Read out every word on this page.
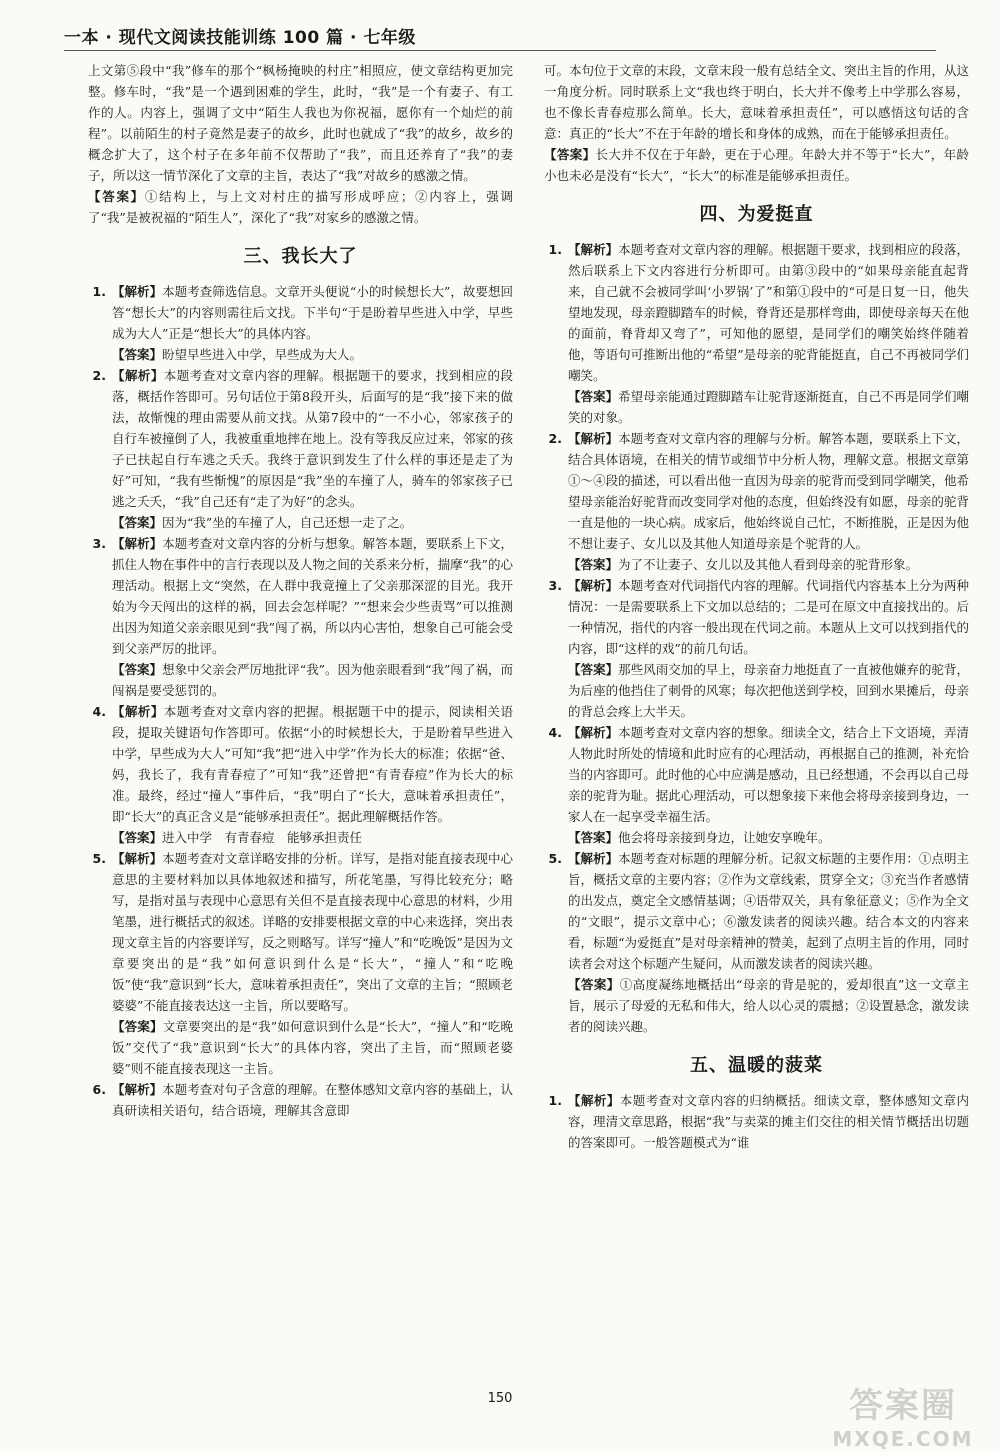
一本 · 现代文阅读技能训练 100 篇 · 七年级

上文第⑤段中“我”修车的那个“枫杨掩映的村庄”相照应，使文章结构更加完整。修车时，“我”是一个遇到困难的学生，此时，“我”是一个有妻子、有工作的人。内容上，强调了文中“陌生人我也为你祝福，愿你有一个灿烂的前程”。以前陌生的村子竟然是妻子的故乡，此时也就成了“我”的故乡，故乡的概念扩大了，这个村子在多年前不仅帮助了“我”，而且还养育了“我”的妻子，所以这一情节深化了文章的主旨，表达了“我”对故乡的感激之情。

【答案】①结构上，与上文对村庄的描写形成呼应；②内容上，强调了“我”是被祝福的“陌生人”，深化了“我”对家乡的感激之情。

三、我长大了
1. 【解析】本题考查筛选信息。文章开头便说“小的时候想长大”，故要想回答“想长大”的内容则需往后文找。下半句“于是盼着早些进入中学，早些成为大人”正是“想长大”的具体内容。
【答案】盼望早些进入中学，早些成为大人。
2. 【解析】本题考查对文章内容的理解。根据题干的要求，找到相应的段落，概括作答即可。另句话位于第8段开头，后面写的是“我”接下来的做法，故惭愧的理由需要从前文找。从第7段中的“一不小心，邻家孩子的自行车被撞倒了人，我被重重地摔在地上。没有等我反应过来，邻家的孩子已扶起自行车逃之夭夭。我终于意识到发生了什么样的事还是走了为好”可知，“我有些惭愧”的原因是“我”坐的车撞了人，骑车的邻家孩子已逃之夭夭，“我”自己还有“走了为好”的念头。
【答案】因为“我”坐的车撞了人，自己还想一走了之。
3. 【解析】本题考查对文章内容的分析与想象。解答本题，要联系上下文，抓住人物在事件中的言行表现以及人物之间的关系来分析，揣摩“我”的心理活动。根据上文“突然，在人群中我竟撞上了父亲那深涩的目光。我开始为今天闯出的这样的祸，回去会怎样呢？”“想来会少些责骂”可以推测出因为知道父亲亲眼见到“我”闯了祸，所以内心害怕，想象自己可能会受到父亲严厉的批评。
【答案】想象中父亲会严厉地批评“我”。因为他亲眼看到“我”闯了祸，而闯祸是要受惩罚的。
4. 【解析】本题考查对文章内容的把握。根据题干中的提示，阅读相关语段，提取关键语句作答即可。依据“小的时候想长大，于是盼着早些进入中学，早些成为大人”可知“我”把“进入中学”作为长大的标准；依据“爸、妈，我长了，我有青春痘了”可知“我”还曾把“有青春痘”作为长大的标准。最终，经过“撞人”事件后，“我”明白了“长大，意味着承担责任”，即“长大”的真正含义是“能够承担责任”。据此理解概括作答。
【答案】进入中学　有青春痘　能够承担责任
5. 【解析】本题考查对文章详略安排的分析。详写，是指对能直接表现中心意思的主要材料加以具体地叙述和描写，所花笔墨，写得比较充分；略写，是指对虽与表现中心意思有关但不是直接表现中心意思的材料，少用笔墨，进行概括式的叙述。详略的安排要根据文章的中心来选择，突出表现文章主旨的内容要详写，反之则略写。详写“撞人”和“吃晚饭”是因为文章要突出的是“我”如何意识到什么是“长大”，“撞人”和“吃晚饭”使“我”意识到“长大，意味着承担责任”，突出了文章的主旨；“照顾老婆婆”不能直接表达这一主旨，所以要略写。
【答案】文章要突出的是“我”如何意识到什么是“长大”，“撞人”和“吃晚饭”交代了“我”意识到“长大”的具体内容，突出了主旨，而“照顾老婆婆”则不能直接表现这一主旨。
6. 【解析】本题考查对句子含意的理解。在整体感知文章内容的基础上，认真研读相关语句，结合语境，理解其含意即

可。本句位于文章的末段，文章末段一般有总结全文、突出主旨的作用，从这一角度分析。同时联系上文“我也终于明白，长大并不像考上中学那么容易，也不像长青春痘那么简单。长大，意味着承担责任”，可以感悟这句话的含意：真正的“长大”不在于年龄的增长和身体的成熟，而在于能够承担责任。

【答案】长大并不仅在于年龄，更在于心理。年龄大并不等于“长大”，年龄小也未必是没有“长大”，“长大”的标准是能够承担责任。

四、为爱挺直
1. 【解析】本题考查对文章内容的理解。根据题干要求，找到相应的段落，然后联系上下文内容进行分析即可。由第③段中的“如果母亲能直起背来，自己就不会被同学叫‘小罗锅’了”和第①段中的“可是日复一日，他失望地发现，母亲蹬脚踏车的时候，脊背还是那样弯曲，即使母亲每天在他的面前，脊背却又弯了”，可知他的愿望，是同学们的嘲笑始终伴随着他，等语句可推断出他的“希望”是母亲的驼背能挺直，自己不再被同学们嘲笑。
【答案】希望母亲能通过蹬脚踏车让驼背逐渐挺直，自己不再是同学们嘲笑的对象。
2. 【解析】本题考查对文章内容的理解与分析。解答本题，要联系上下文，结合具体语境，在相关的情节或细节中分析人物，理解文意。根据文章第①～④段的描述，可以看出他一直因为母亲的驼背而受到同学嘲笑，他希望母亲能治好驼背而改变同学对他的态度，但始终没有如愿，母亲的驼背一直是他的一块心病。成家后，他始终说自己忙，不断推脱，正是因为他不想让妻子、女儿以及其他人知道母亲是个驼背的人。
【答案】为了不让妻子、女儿以及其他人看到母亲的驼背形象。
3. 【解析】本题考查对代词指代内容的理解。代词指代内容基本上分为两种情况：一是需要联系上下文加以总结的；二是可在原文中直接找出的。后一种情况，指代的内容一般出现在代词之前。本题从上文可以找到指代的内容，即“这样的戏”的前几句话。
【答案】那些风雨交加的早上，母亲奋力地挺直了一直被他嫌弃的驼背，为后座的他挡住了刺骨的风寒；每次把他送到学校，回到水果摊后，母亲的背总会疼上大半天。
4. 【解析】本题考查对文章内容的想象。细读全文，结合上下文语境，弄清人物此时所处的情境和此时应有的心理活动，再根据自己的推测，补充恰当的内容即可。此时他的心中应满是感动，且已经想通，不会再以自己母亲的驼背为耻。据此心理活动，可以想象接下来他会将母亲接到身边，一家人在一起享受幸福生活。
【答案】他会将母亲接到身边，让她安享晚年。
5. 【解析】本题考查对标题的理解分析。记叙文标题的主要作用：①点明主旨，概括文章的主要内容；②作为文章线索，贯穿全文；③充当作者感情的出发点，奠定全文感情基调；④语带双关，具有象征意义；⑤作为全文的“文眼”，提示文章中心；⑥激发读者的阅读兴趣。结合本文的内容来看，标题“为爱挺直”是对母亲精神的赞美，起到了点明主旨的作用，同时读者会对这个标题产生疑问，从而激发读者的阅读兴趣。
【答案】①高度凝练地概括出“母亲的背是驼的，爱却很直”这一文章主旨，展示了母爱的无私和伟大，给人以心灵的震撼；②设置悬念，激发读者的阅读兴趣。
五、温暖的菠菜
1. 【解析】本题考查对文章内容的归纳概括。细读文章，整体感知文章内容，理清文章思路，根据“我”与卖菜的摊主们交往的相关情节概括出切题的答案即可。一般答题模式为“谁
150	答案圈
MXQE.COM
